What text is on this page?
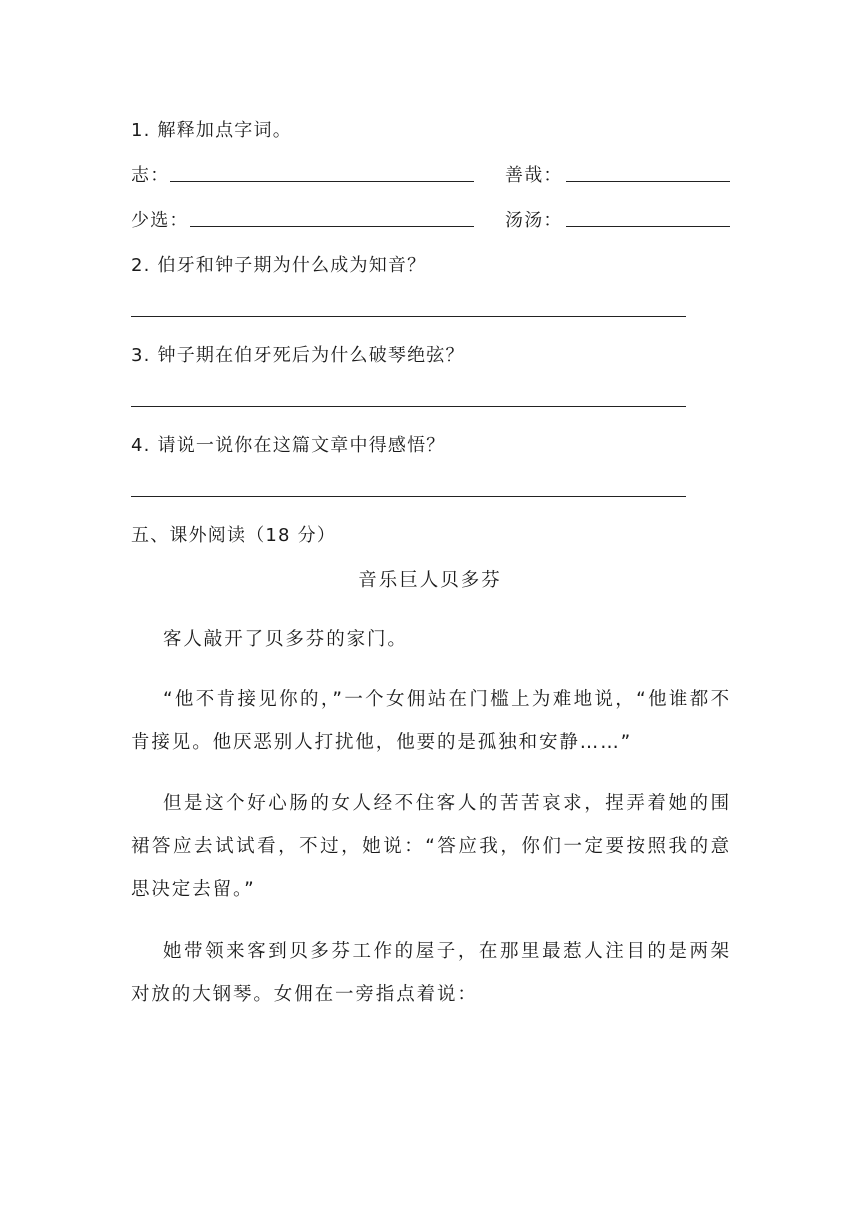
1. 解释加点字词。
志：	善哉：
少选：	汤汤：
2. 伯牙和钟子期为什么成为知音？
3. 钟子期在伯牙死后为什么破琴绝弦？
4. 请说一说你在这篇文章中得感悟？
五、课外阅读（18 分）
音乐巨人贝多芬
客人敲开了贝多芬的家门。
“他不肯接见你的，”一个女佣站在门槛上为难地说，“他谁都不肯接见。他厌恶别人打扰他，他要的是孤独和安静……”
但是这个好心肠的女人经不住客人的苦苦哀求，捏弄着她的围裙答应去试试看，不过，她说：“答应我，你们一定要按照我的意思决定去留。”
她带领来客到贝多芬工作的屋子，在那里最惹人注目的是两架对放的大钢琴。女佣在一旁指点着说：
